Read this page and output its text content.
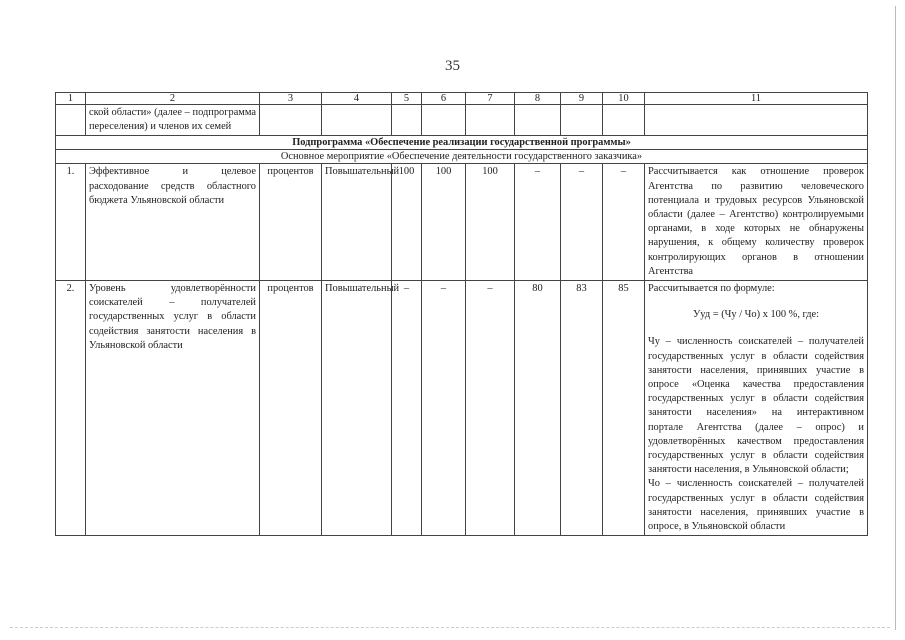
35
1	2	3	4	5	6	7	8	9	10	11
	ской области» (далее – подпрограмма переселения) и членов их семей									
Подпрограмма «Обеспечение реализации государственной программы»										
Основное мероприятие «Обеспечение деятельности государственного заказчика»										
1.	Эффективное и целевое расходование средств областного бюджета Ульяновской области	процентов	Повышательный	100	100	100	–	–	–	Рассчитывается как отношение проверок Агентства по развитию человеческого потенциала и трудовых ресурсов Ульяновской области (далее – Агентство) контролируемыми органами, в ходе которых не обнаружены нарушения, к общему количеству проверок контролирующих органов в отношении Агентства
2.	Уровень удовлетворённости соискателей – получателей государственных услуг в области содействия занятости населения в Ульяновской области	процентов	Повышательный	–	–	–	80	83	85	Рассчитывается по формуле:
Ууд = (Чу / Чо) х 100 %, где:
Чу – численность соискателей – получателей государственных услуг в области содействия занятости населения, принявших участие в опросе «Оценка качества предоставления государственных услуг в области содействия занятости населения» на интерактивном портале Агентства (далее – опрос) и удовлетворённых качеством предоставления государственных услуг в области содействия занятости населения, в Ульяновской области;
Чо – численность соискателей – получателей государственных услуг в области содействия занятости населения, принявших участие в опросе, в Ульяновской области
